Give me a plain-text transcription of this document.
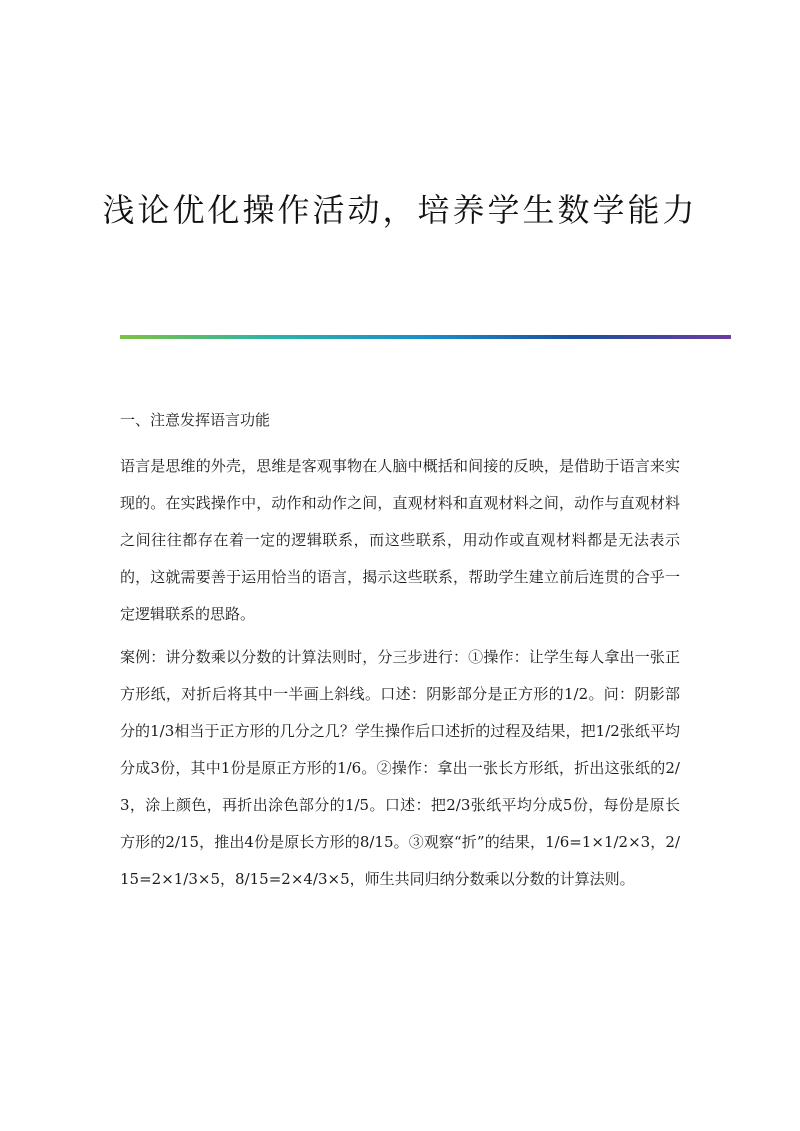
浅论优化操作活动，培养学生数学能力

一、注意发挥语言功能

语言是思维的外壳，思维是客观事物在人脑中概括和间接的反映，是借助于语言来实现的。在实践操作中，动作和动作之间，直观材料和直观材料之间，动作与直观材料之间往往都存在着一定的逻辑联系，而这些联系，用动作或直观材料都是无法表示的，这就需要善于运用恰当的语言，揭示这些联系，帮助学生建立前后连贯的合乎一定逻辑联系的思路。

案例：讲分数乘以分数的计算法则时，分三步进行：①操作：让学生每人拿出一张正方形纸，对折后将其中一半画上斜线。口述：阴影部分是正方形的1/2。问：阴影部分的1/3相当于正方形的几分之几？学生操作后口述折的过程及结果，把1/2张纸平均分成3份，其中1份是原正方形的1/6。②操作：拿出一张长方形纸，折出这张纸的2/3，涂上颜色，再折出涂色部分的1/5。口述：把2/3张纸平均分成5份，每份是原长方形的2/15，推出4份是原长方形的8/15。③观察“折”的结果，1/6=1×1/2×3，2/15=2×1/3×5，8/15=2×4/3×5，师生共同归纳分数乘以分数的计算法则。
